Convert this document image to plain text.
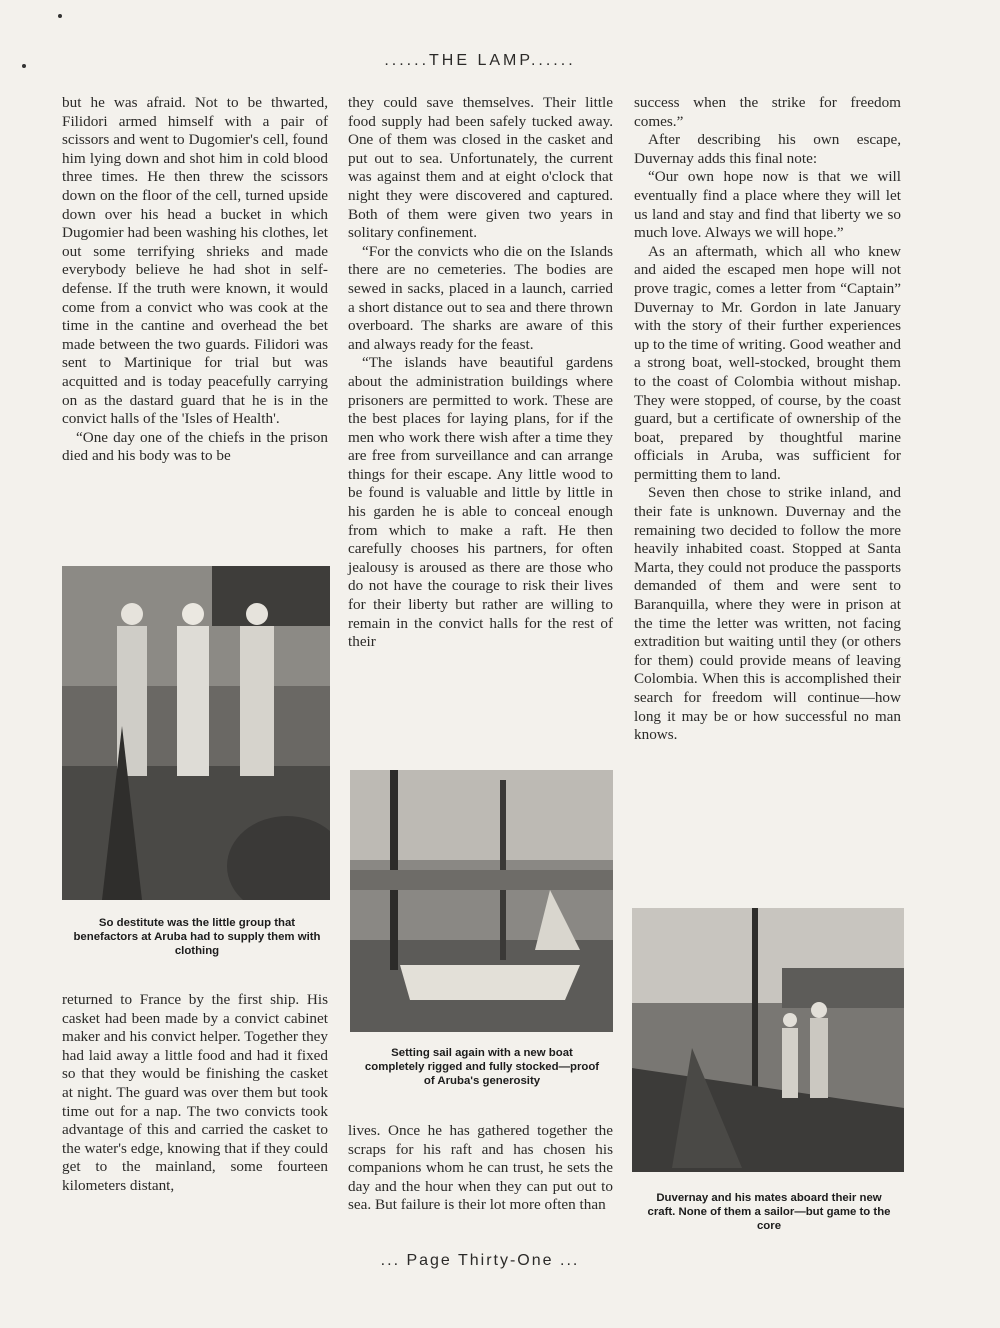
......THE LAMP......

but he was afraid. Not to be thwarted, Filidori armed himself with a pair of scissors and went to Dugomier's cell, found him lying down and shot him in cold blood three times. He then threw the scissors down on the floor of the cell, turned upside down over his head a bucket in which Dugomier had been washing his clothes, let out some terrifying shrieks and made everybody believe he had shot in self-defense. If the truth were known, it would come from a convict who was cook at the time in the cantine and overhead the bet made between the two guards. Filidori was sent to Martinique for trial but was acquitted and is today peacefully carrying on as the dastard guard that he is in the convict halls of the 'Isles of Health'.

“One day one of the chiefs in the prison died and his body was to be

So destitute was the little group that benefactors at Aruba had to supply them with clothing

returned to France by the first ship. His casket had been made by a convict cabinet maker and his convict helper. Together they had laid away a little food and had it fixed so that they would be finishing the casket at night. The guard was over them but took time out for a nap. The two convicts took advantage of this and carried the casket to the water's edge, knowing that if they could get to the mainland, some fourteen kilometers distant,

they could save themselves. Their little food supply had been safely tucked away. One of them was closed in the casket and put out to sea. Unfortunately, the current was against them and at eight o'clock that night they were discovered and captured. Both of them were given two years in solitary confinement.

“For the convicts who die on the Islands there are no cemeteries. The bodies are sewed in sacks, placed in a launch, carried a short distance out to sea and there thrown overboard. The sharks are aware of this and always ready for the feast.

“The islands have beautiful gardens about the administration buildings where prisoners are permitted to work. These are the best places for laying plans, for if the men who work there wish after a time they are free from surveillance and can arrange things for their escape. Any little wood to be found is valuable and little by little in his garden he is able to conceal enough from which to make a raft. He then carefully chooses his partners, for often jealousy is aroused as there are those who do not have the courage to risk their lives for their liberty but rather are willing to remain in the convict halls for the rest of their

Setting sail again with a new boat completely rigged and fully stocked—proof of Aruba's generosity

lives. Once he has gathered together the scraps for his raft and has chosen his companions whom he can trust, he sets the day and the hour when they can put out to sea. But failure is their lot more often than

success when the strike for freedom comes.”

After describing his own escape, Duvernay adds this final note:

“Our own hope now is that we will eventually find a place where they will let us land and stay and find that liberty we so much love. Always we will hope.”

As an aftermath, which all who knew and aided the escaped men hope will not prove tragic, comes a letter from “Captain” Duvernay to Mr. Gordon in late January with the story of their further experiences up to the time of writing. Good weather and a strong boat, well-stocked, brought them to the coast of Colombia without mishap. They were stopped, of course, by the coast guard, but a certificate of ownership of the boat, prepared by thoughtful marine officials in Aruba, was sufficient for permitting them to land.

Seven then chose to strike inland, and their fate is unknown. Duvernay and the remaining two decided to follow the more heavily inhabited coast. Stopped at Santa Marta, they could not produce the passports demanded of them and were sent to Baranquilla, where they were in prison at the time the letter was written, not facing extradition but waiting until they (or others for them) could provide means of leaving Colombia. When this is accomplished their search for freedom will continue—how long it may be or how successful no man knows.

Duvernay and his mates aboard their new craft. None of them a sailor—but game to the core
... Page Thirty-One ...
